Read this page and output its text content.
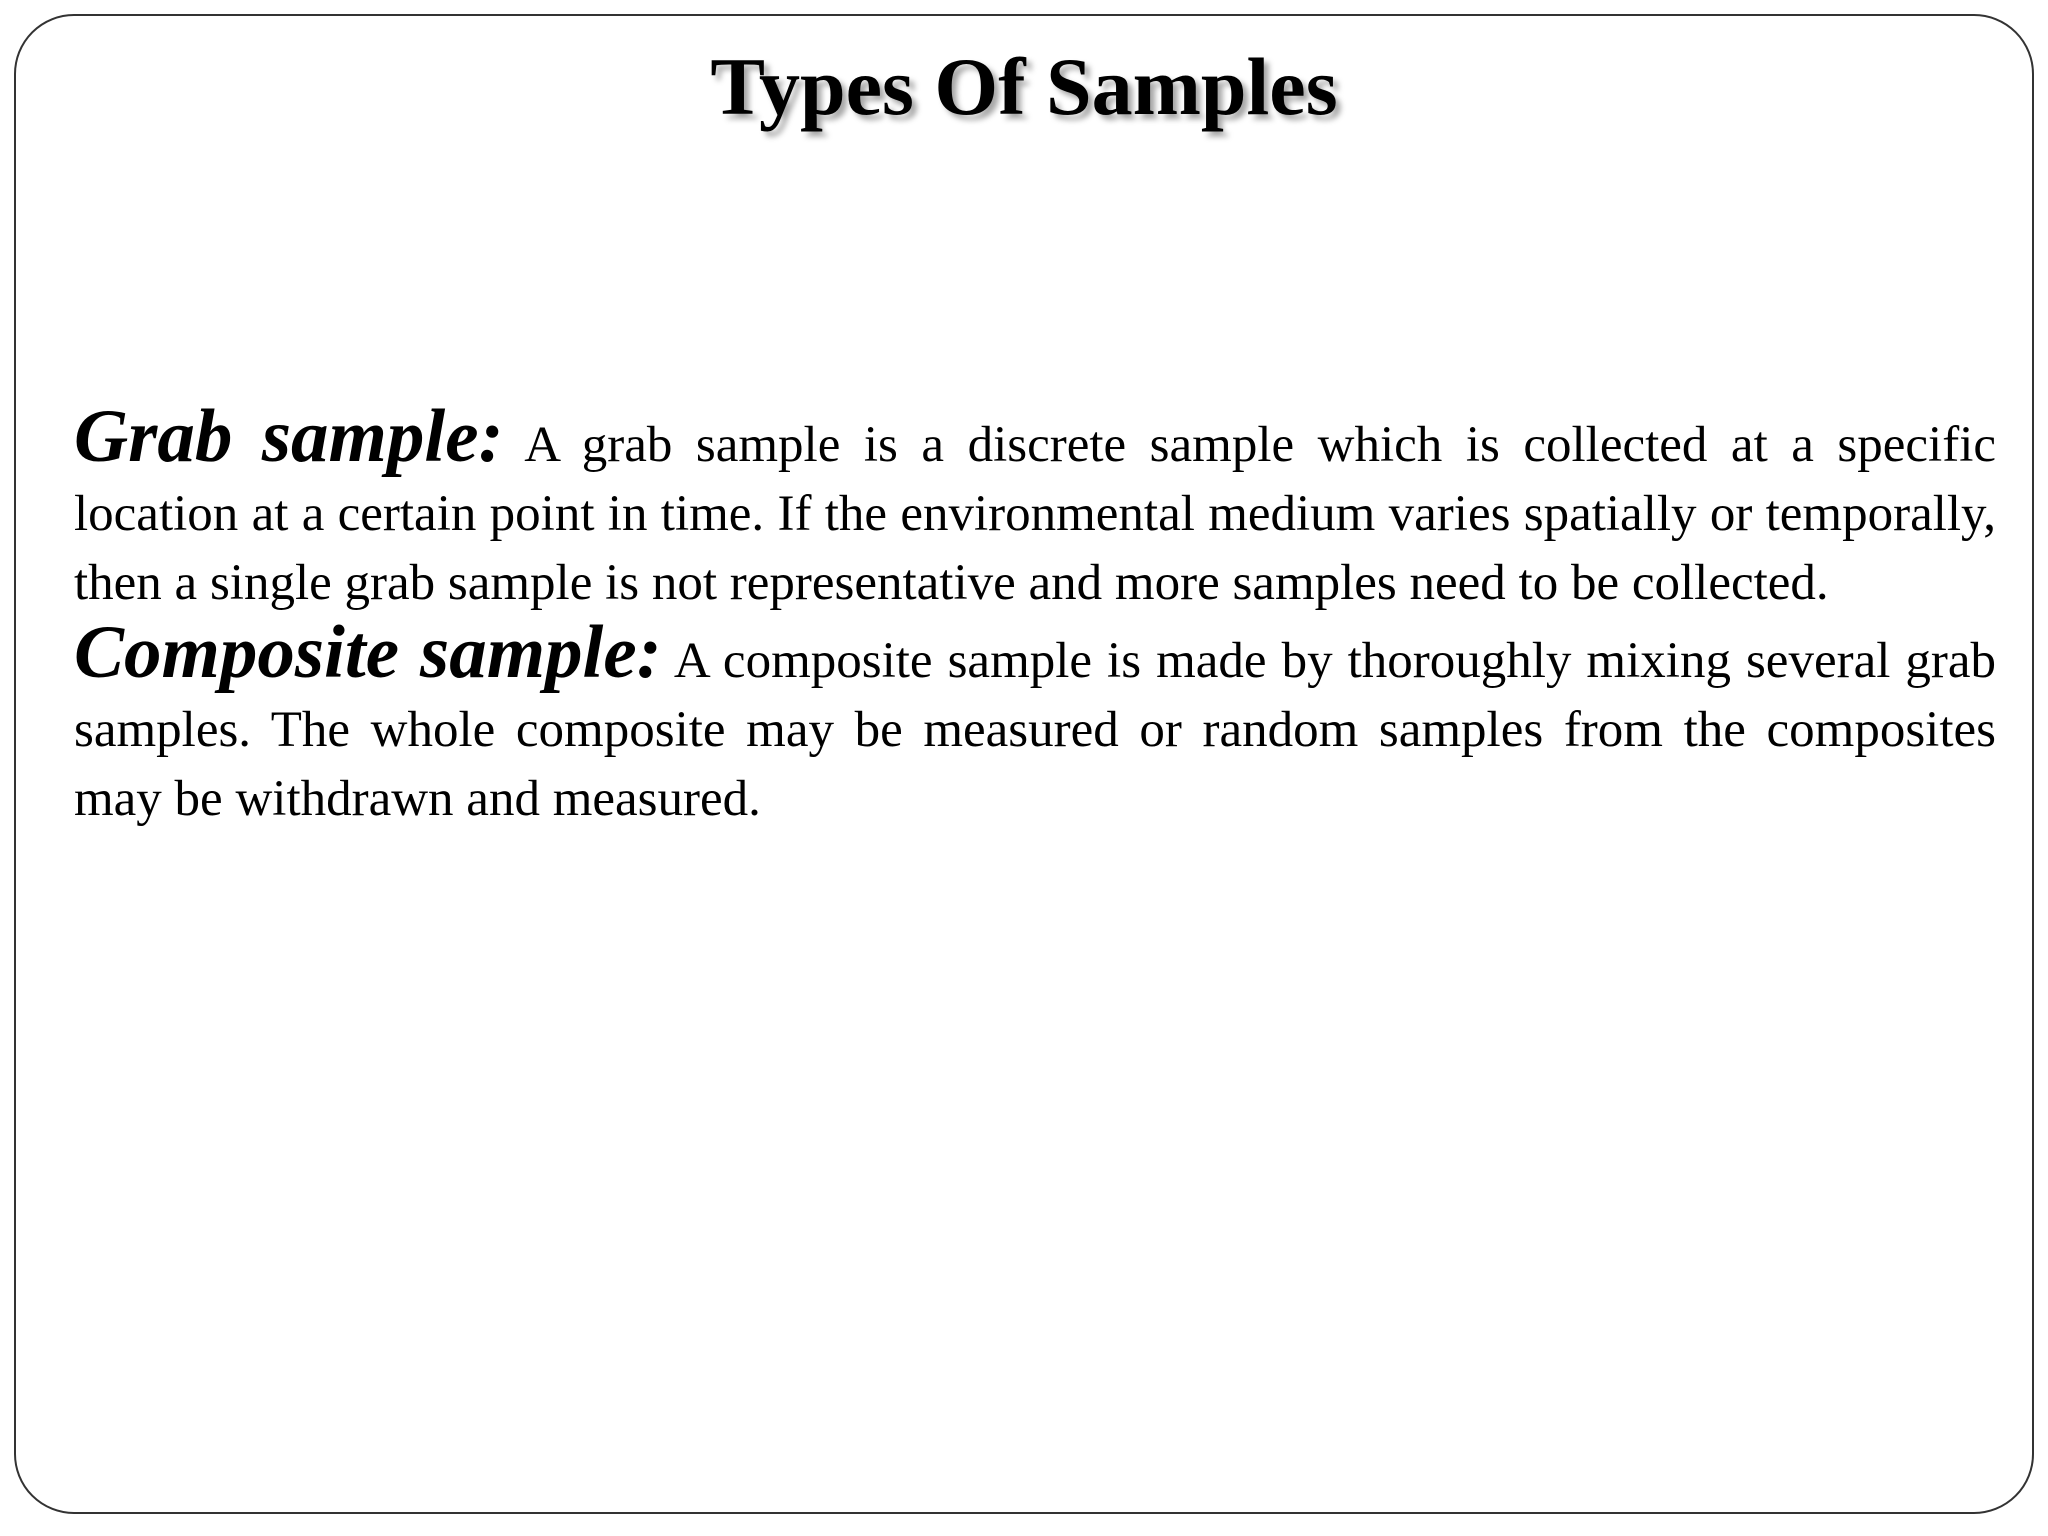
Types Of Samples

Grab sample: A grab sample is a discrete sample which is collected at a specific location at a certain point in time. If the environmental medium varies spatially or temporally, then a single grab sample is not representative and more samples need to be collected.

Composite sample: A composite sample is made by thoroughly mixing several grab samples. The whole composite may be measured or random samples from the composites may be withdrawn and measured.
